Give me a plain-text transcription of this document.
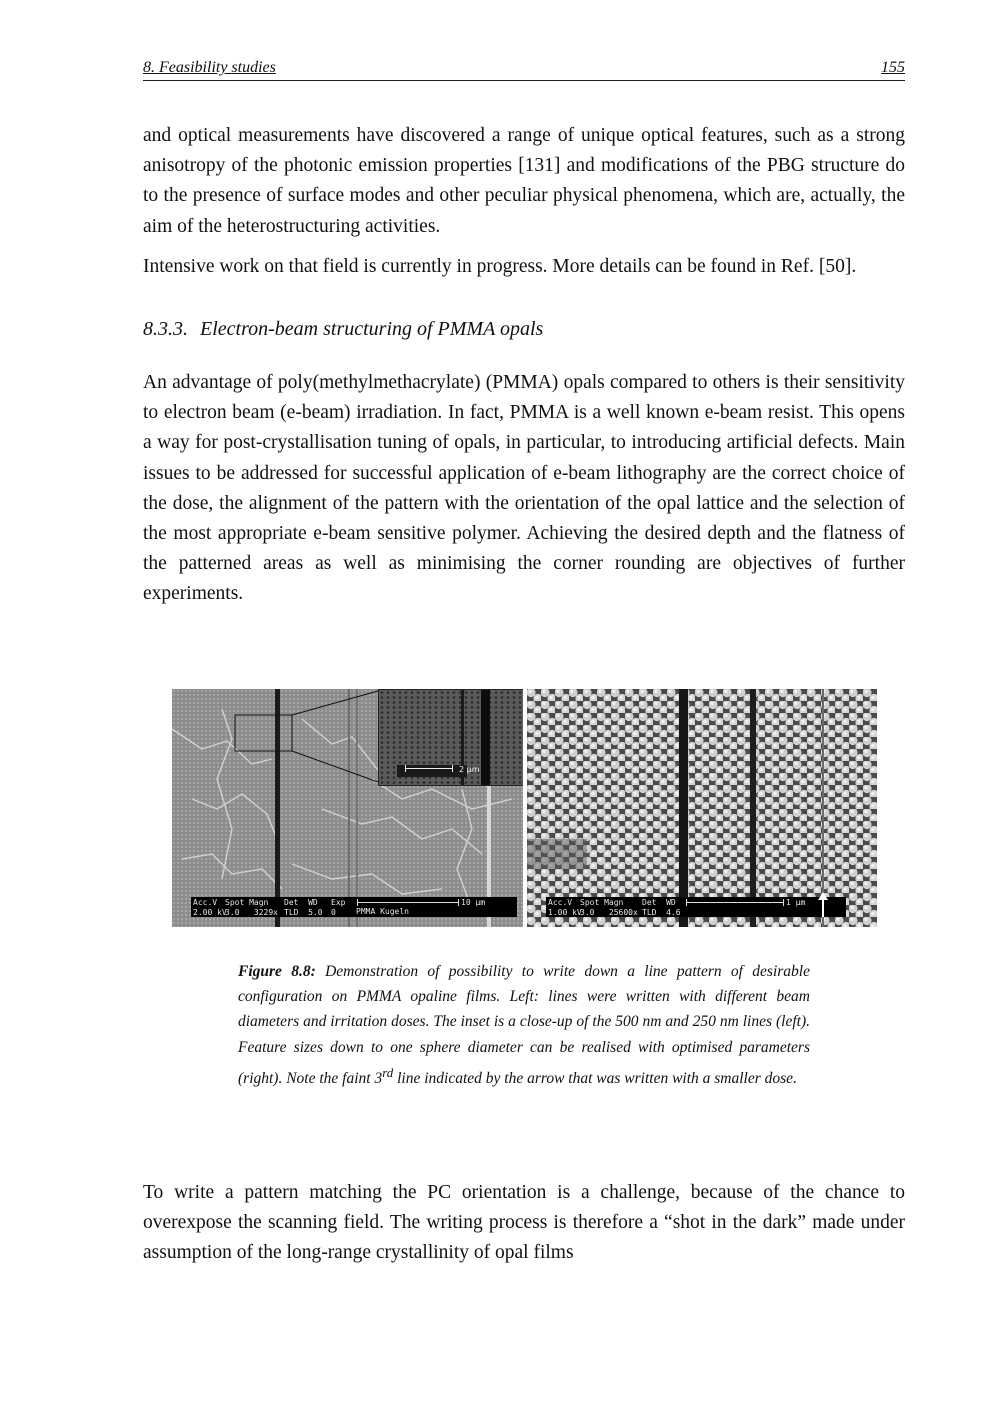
8. Feasibility studies	155

and optical measurements have discovered a range of unique optical features, such as a strong anisotropy of the photonic emission properties [131] and modifications of the PBG structure do to the presence of surface modes and other peculiar physical phenomena, which are, actually, the aim of the heterostructuring activities.

Intensive work on that field is currently in progress. More details can be found in Ref. [50].

8.3.3. Electron-beam structuring of PMMA opals

An advantage of poly(methylmethacrylate) (PMMA) opals compared to others is their sensitivity to electron beam (e-beam) irradiation. In fact, PMMA is a well known e-beam resist. This opens a way for post-crystallisation tuning of opals, in particular, to introducing artificial defects. Main issues to be addressed for successful application of e-beam lithography are the correct choice of the dose, the alignment of the pattern with the orientation of the opal lattice and the selection of the most appropriate e-beam sensitive polymer. Achieving the desired depth and the flatness of the patterned areas as well as minimising the corner rounding are objectives of further experiments.

2 µm
Acc.V
2.00 kV
Spot Magn
3.0   3229x
Det  WD
TLD  5.0
Exp
0	PMMA Kugeln
10 µm	Acc.V
1.00 kV
Spot Magn
3.0   25600x
Det  WD
TLD  4.6
1 µm

Figure 8.8: Demonstration of possibility to write down a line pattern of desirable configuration on PMMA opaline films. Left: lines were written with different beam diameters and irritation doses. The inset is a close-up of the 500 nm and 250 nm lines (left). Feature sizes down to one sphere diameter can be realised with optimised parameters (right). Note the faint 3rd line indicated by the arrow that was written with a smaller dose.

To write a pattern matching the PC orientation is a challenge, because of the chance to overexpose the scanning field. The writing process is therefore a “shot in the dark” made under assumption of the long-range crystallinity of opal films
